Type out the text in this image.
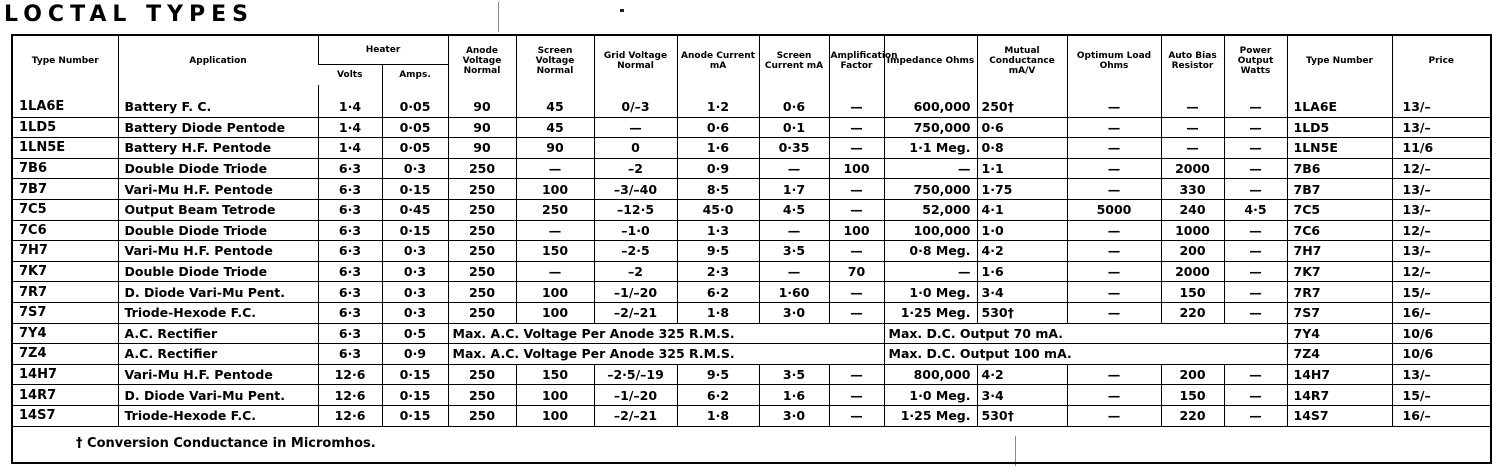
LOCTAL TYPES
Type Number	Application	Heater		Anode Voltage Normal	Screen Voltage Normal	Grid Voltage Normal	Anode Current mA	Screen Current mA	Amplification Factor	Impedance Ohms	Mutual Conductance mA/V	Optimum Load Ohms	Auto Bias Resistor	Power Output Watts	Type Number	Price
		Volts	Amps.													

1LA6E	Battery F. C.	1·4	0·05	90	45	0/–3	1·2	0·6	—	600,000	250†	—	—	—	1LA6E	13/–
1LD5	Battery Diode Pentode	1·4	0·05	90	45	—	0·6	0·1	—	750,000	0·6	—	—	—	1LD5	13/–
1LN5E	Battery H.F. Pentode	1·4	0·05	90	90	0	1·6	0·35	—	1·1 Meg.	0·8	—	—	—	1LN5E	11/6
7B6	Double Diode Triode	6·3	0·3	250	—	–2	0·9	—	100	—	1·1	—	2000	—	7B6	12/–
7B7	Vari-Mu H.F. Pentode	6·3	0·15	250	100	–3/–40	8·5	1·7	—	750,000	1·75	—	330	—	7B7	13/–
7C5	Output Beam Tetrode	6·3	0·45	250	250	–12·5	45·0	4·5	—	52,000	4·1	5000	240	4·5	7C5	13/–
7C6	Double Diode Triode	6·3	0·15	250	—	–1·0	1·3	—	100	100,000	1·0	—	1000	—	7C6	12/–
7H7	Vari-Mu H.F. Pentode	6·3	0·3	250	150	–2·5	9·5	3·5	—	0·8 Meg.	4·2	—	200	—	7H7	13/–
7K7	Double Diode Triode	6·3	0·3	250	—	–2	2·3	—	70	—	1·6	—	2000	—	7K7	12/–
7R7	D. Diode Vari-Mu Pent.	6·3	0·3	250	100	–1/–20	6·2	1·60	—	1·0 Meg.	3·4	—	150	—	7R7	15/–
7S7	Triode-Hexode F.C.	6·3	0·3	250	100	–2/–21	1·8	3·0	—	1·25 Meg.	530†	—	220	—	7S7	16/–
7Y4	A.C. Rectifier	6·3	0·5	Max. A.C. Voltage Per Anode 325 R.M.S.						Max. D.C. Output 70 mA.					7Y4	10/6
7Z4	A.C. Rectifier	6·3	0·9	Max. A.C. Voltage Per Anode 325 R.M.S.						Max. D.C. Output 100 mA.					7Z4	10/6
14H7	Vari-Mu H.F. Pentode	12·6	0·15	250	150	–2·5/–19	9·5	3·5	—	800,000	4·2	—	200	—	14H7	13/–
14R7	D. Diode Vari-Mu Pent.	12·6	0·15	250	100	–1/–20	6·2	1·6	—	1·0 Meg.	3·4	—	150	—	14R7	15/–
14S7	Triode-Hexode F.C.	12·6	0·15	250	100	–2/–21	1·8	3·0	—	1·25 Meg.	530†	—	220	—	14S7	16/–
† Conversion Conductance in Micromhos.
